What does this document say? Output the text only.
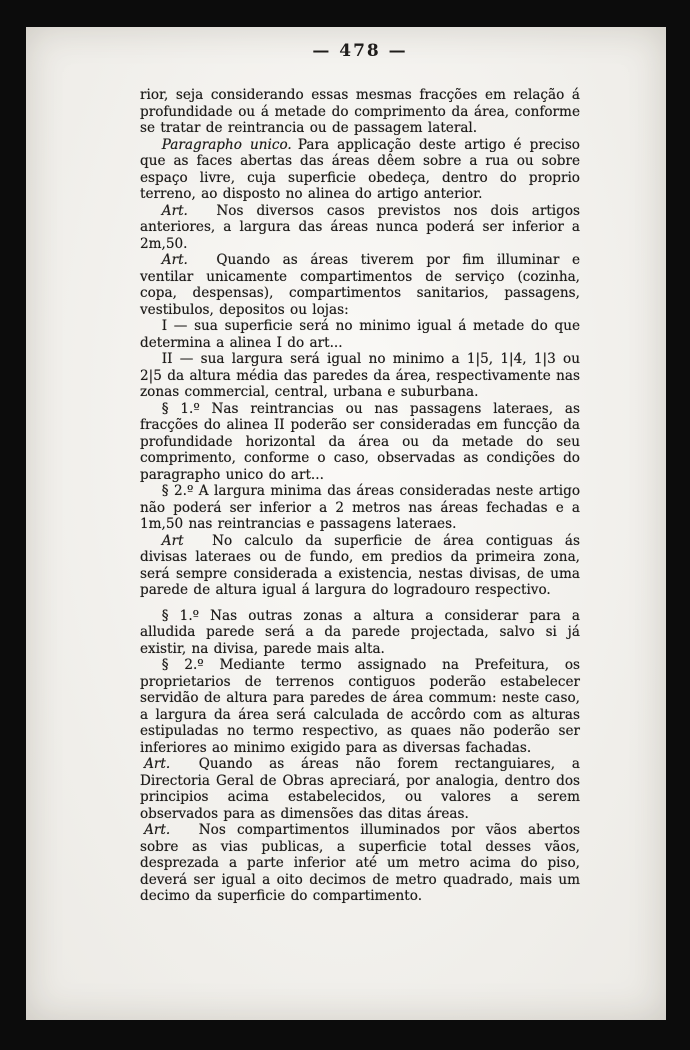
— 478 —

rior, seja considerando essas mesmas fracções em relação á profundidade ou á metade do comprimento da área, conforme se tratar de reintrancia ou de passagem lateral.

Paragrapho unico. Para applicação deste artigo é preciso que as faces abertas das áreas dêem sobre a rua ou sobre espaço livre, cuja superficie obedeça, dentro do proprio terreno, ao disposto no alinea do artigo anterior.

Art. Nos diversos casos previstos nos dois artigos anteriores, a largura das áreas nunca poderá ser inferior a 2m,50.

Art. Quando as áreas tiverem por fim illuminar e ventilar unicamente compartimentos de serviço (cozinha, copa, despensas), compartimentos sanitarios, passagens, vestibulos, depositos ou lojas:

I — sua superficie será no minimo igual á metade do que determina a alinea I do art...

II — sua largura será igual no minimo a 1|5, 1|4, 1|3 ou 2|5 da altura média das paredes da área, respectivamente nas zonas commercial, central, urbana e suburbana.

§ 1.º Nas reintrancias ou nas passagens lateraes, as fracções do alinea II poderão ser consideradas em funcção da profundidade horizontal da área ou da metade do seu comprimento, conforme o caso, observadas as condições do paragrapho unico do art...

§ 2.º A largura minima das áreas consideradas neste artigo não poderá ser inferior a 2 metros nas áreas fechadas e a 1m,50 nas reintrancias e passagens lateraes.

Art No calculo da superficie de área contiguas ás divisas lateraes ou de fundo, em predios da primeira zona, será sempre considerada a existencia, nestas divisas, de uma parede de altura igual á largura do logradouro respectivo.

§ 1.º Nas outras zonas a altura a considerar para a alludida parede será a da parede projectada, salvo si já existir, na divisa, parede mais alta.

§ 2.º Mediante termo assignado na Prefeitura, os proprietarios de terrenos contiguos poderão estabelecer servidão de altura para paredes de área commum: neste caso, a largura da área será calculada de accôrdo com as alturas estipuladas no termo respectivo, as quaes não poderão ser inferiores ao minimo exigido para as diversas fachadas.

Art. Quando as áreas não forem rectanguiares, a Directoria Geral de Obras apreciará, por analogia, dentro dos principios acima estabelecidos, ou valores a serem observados para as dimensões das ditas áreas.

Art. Nos compartimentos illuminados por vãos abertos sobre as vias publicas, a superficie total desses vãos, desprezada a parte inferior até um metro acima do piso, deverá ser igual a oito decimos de metro quadrado, mais um decimo da superficie do compartimento.
